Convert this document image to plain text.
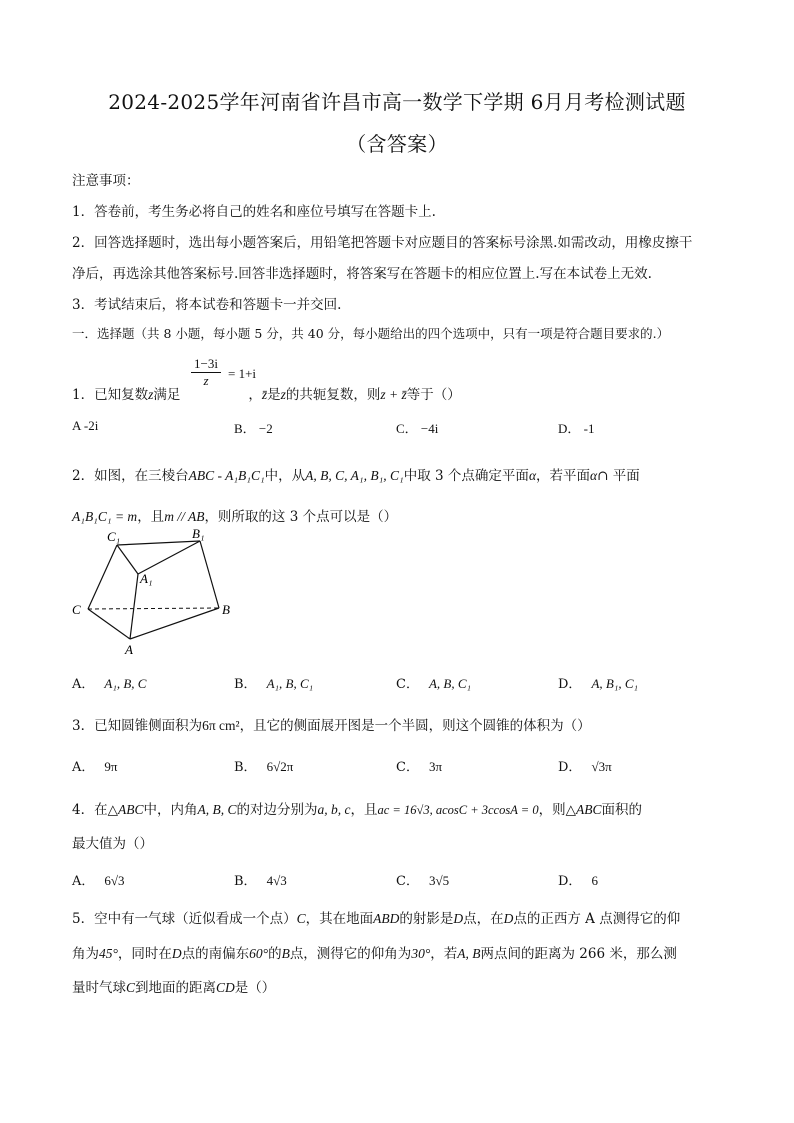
2024-2025学年河南省许昌市高一数学下学期 6月月考检测试题
（含答案）
注意事项：
1．答卷前，考生务必将自己的姓名和座位号填写在答题卡上.
2．回答选择题时，选出每小题答案后，用铅笔把答题卡对应题目的答案标号涂黑.如需改动，用橡皮擦干
净后，再选涂其他答案标号.回答非选择题时，将答案写在答题卡的相应位置上.写在本试卷上无效.
3．考试结束后，将本试卷和答题卡一并交回.
一．选择题（共 8 小题，每小题 5 分，共 40 分，每小题给出的四个选项中，只有一项是符合题目要求的.）
$\frac{1-3i}{z} = 1+i$
1．已知复数z满足	，z̄是z的共轭复数，则z + z̄等于（）
A -2i	B． −2	C． −4i	D． -1
2．如图，在三棱台ABC - A₁B₁C₁中，从A, B, C, A₁, B₁, C₁中取 3 个点确定平面α，若平面α∩ 平面
A₁B₁C₁ = m，且m // AB，则所取的这 3 个点可以是（）
C₁	B₁
A₁
C	B
A
A． A₁, B, C	B． A₁, B, C₁	C． A, B, C₁	D． A, B₁, C₁
3．已知圆锥侧面积为6π cm²，且它的侧面展开图是一个半圆，则这个圆锥的体积为（）
A． 9π	B． 6√2π	C． 3π	D． √3π
4．在△ABC中，内角A, B, C的对边分别为a, b, c，且ac = 16√3, acosC + 3ccosA = 0，则△ABC面积的
最大值为（）
A． 6√3	B． 4√3	C． 3√5	D． 6
5．空中有一气球（近似看成一个点）C，其在地面ABD的射影是D点，在D点的正西方 A 点测得它的仰
角为45°，同时在D点的南偏东60°的B点，测得它的仰角为30°，若A, B两点间的距离为 266 米，那么测
量时气球C到地面的距离CD是（）
